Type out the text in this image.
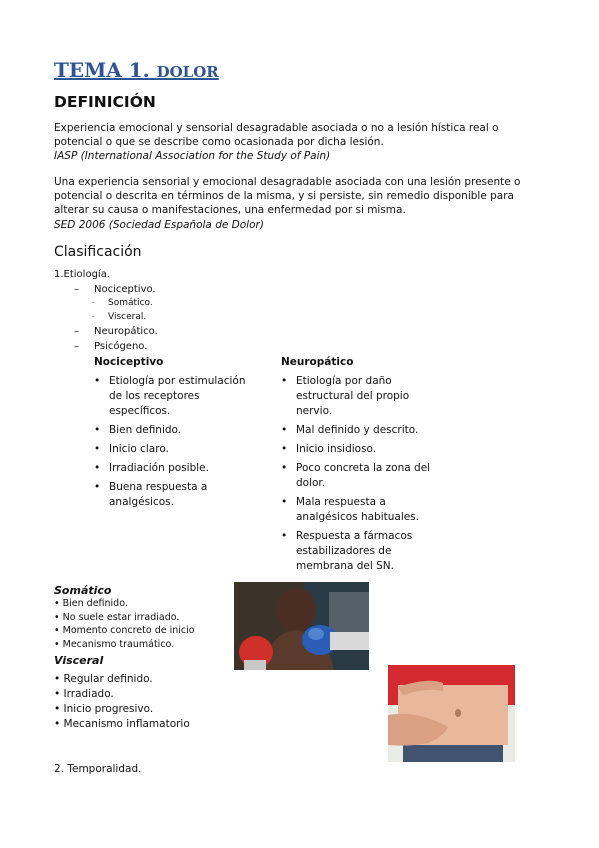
TEMA 1. DOLOR
DEFINICIÓN
Experiencia emocional y sensorial desagradable asociada o no a lesión hística real o potencial o que se describe como ocasionada por dicha lesión.
IASP (International Association for the Study of Pain)
Una experiencia sensorial y emocional desagradable asociada con una lesión presente o potencial o descrita en términos de la misma, y si persiste, sin remedio disponible para alterar su causa o manifestaciones, una enfermedad por si misma.
SED 2006 (Sociedad Española de Dolor)
Clasificación
1.Etiología.
– Nociceptivo.
· Somático.
· Visceral.
– Neuropático.
– Psicógeno.
Nociceptivo
• Etiología por estimulación de los receptores específicos.
• Bien definido.
• Inicio claro.
• Irradiación posible.
• Buena respuesta a analgésicos.
Neuropático
• Etiología por daño estructural del propio nervio.
• Mal definido y descrito.
• Inicio insidioso.
• Poco concreta la zona del dolor.
• Mala respuesta a analgésicos habituales.
• Respuesta a fármacos estabilizadores de membrana del SN.
Somático
• Bien definido.
• No suele estar irradiado.
• Momento concreto de inicio
• Mecanismo traumático.
Visceral
• Regular definido.
• Irradiado.
• Inicio progresivo.
• Mecanismo inflamatorio
2. Temporalidad.
